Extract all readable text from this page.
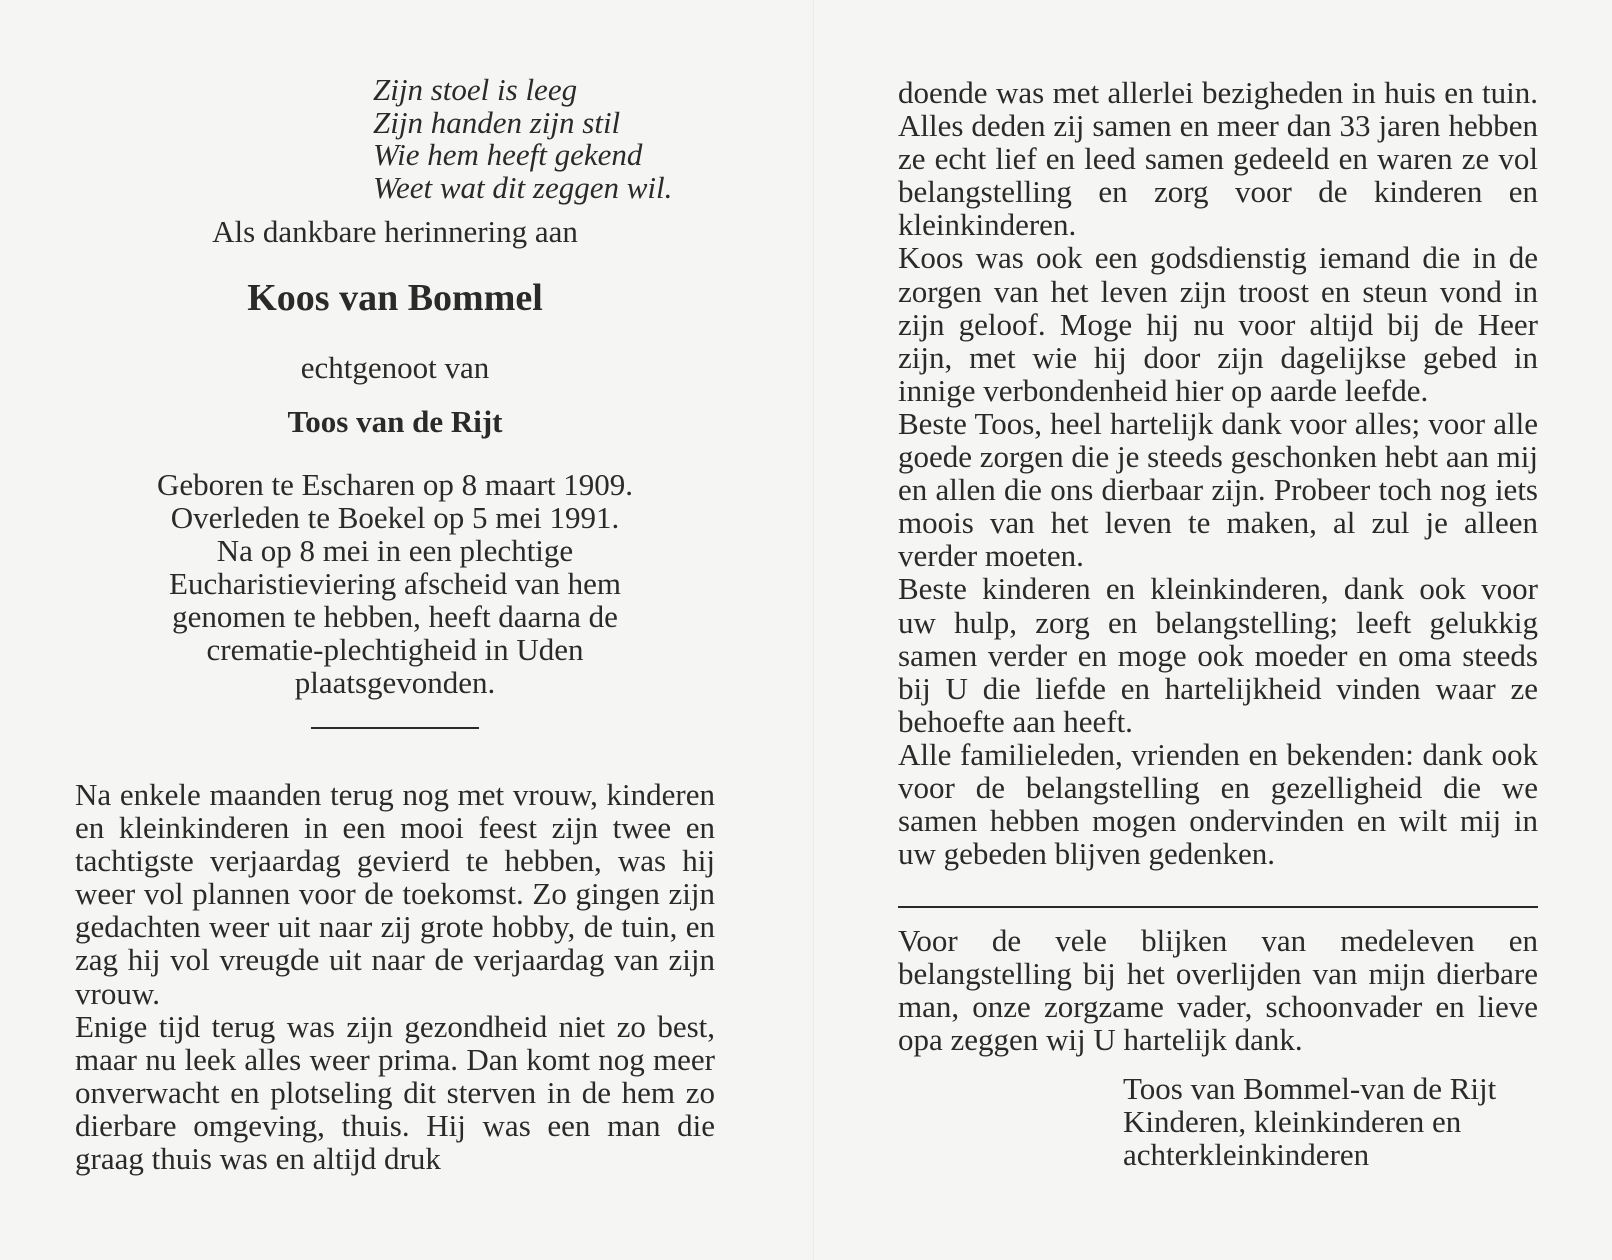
Zijn stoel is leeg
Zijn handen zijn stil
Wie hem heeft gekend
Weet wat dit zeggen wil.
Als dankbare herinnering aan
Koos van Bommel
echtgenoot van
Toos van de Rijt
Geboren te Escharen op 8 maart 1909.
Overleden te Boekel op 5 mei 1991.
Na op 8 mei in een plechtige
Eucharistieviering afscheid van hem
genomen te hebben, heeft daarna de
crematie-plechtigheid in Uden
plaatsgevonden.
Na enkele maanden terug nog met vrouw, kinderen en kleinkinderen in een mooi feest zijn twee en tachtigste verjaardag gevierd te hebben, was hij weer vol plannen voor de toekomst. Zo gingen zijn gedachten weer uit naar zij grote hobby, de tuin, en zag hij vol vreugde uit naar de verjaardag van zijn vrouw.
Enige tijd terug was zijn gezondheid niet zo best, maar nu leek alles weer prima. Dan komt nog meer onverwacht en plotseling dit sterven in de hem zo dierbare omgeving, thuis. Hij was een man die graag thuis was en altijd druk
doende was met allerlei bezigheden in huis en tuin. Alles deden zij samen en meer dan 33 jaren hebben ze echt lief en leed samen gedeeld en waren ze vol belangstelling en zorg voor de kinderen en kleinkinderen.
Koos was ook een godsdienstig iemand die in de zorgen van het leven zijn troost en steun vond in zijn geloof. Moge hij nu voor altijd bij de Heer zijn, met wie hij door zijn dagelijkse gebed in innige verbondenheid hier op aarde leefde.
Beste Toos, heel hartelijk dank voor alles; voor alle goede zorgen die je steeds geschonken hebt aan mij en allen die ons dierbaar zijn. Probeer toch nog iets moois van het leven te maken, al zul je alleen verder moeten.
Beste kinderen en kleinkinderen, dank ook voor uw hulp, zorg en belangstelling; leeft gelukkig samen verder en moge ook moeder en oma steeds bij U die liefde en hartelijkheid vinden waar ze behoefte aan heeft.
Alle familieleden, vrienden en bekenden: dank ook voor de belangstelling en gezelligheid die we samen hebben mogen ondervinden en wilt mij in uw gebeden blijven gedenken.
Voor de vele blijken van medeleven en belangstelling bij het overlijden van mijn dierbare man, onze zorgzame vader, schoonvader en lieve opa zeggen wij U hartelijk dank.
Toos van Bommel-van de Rijt
Kinderen, kleinkinderen en
achterkleinkinderen
